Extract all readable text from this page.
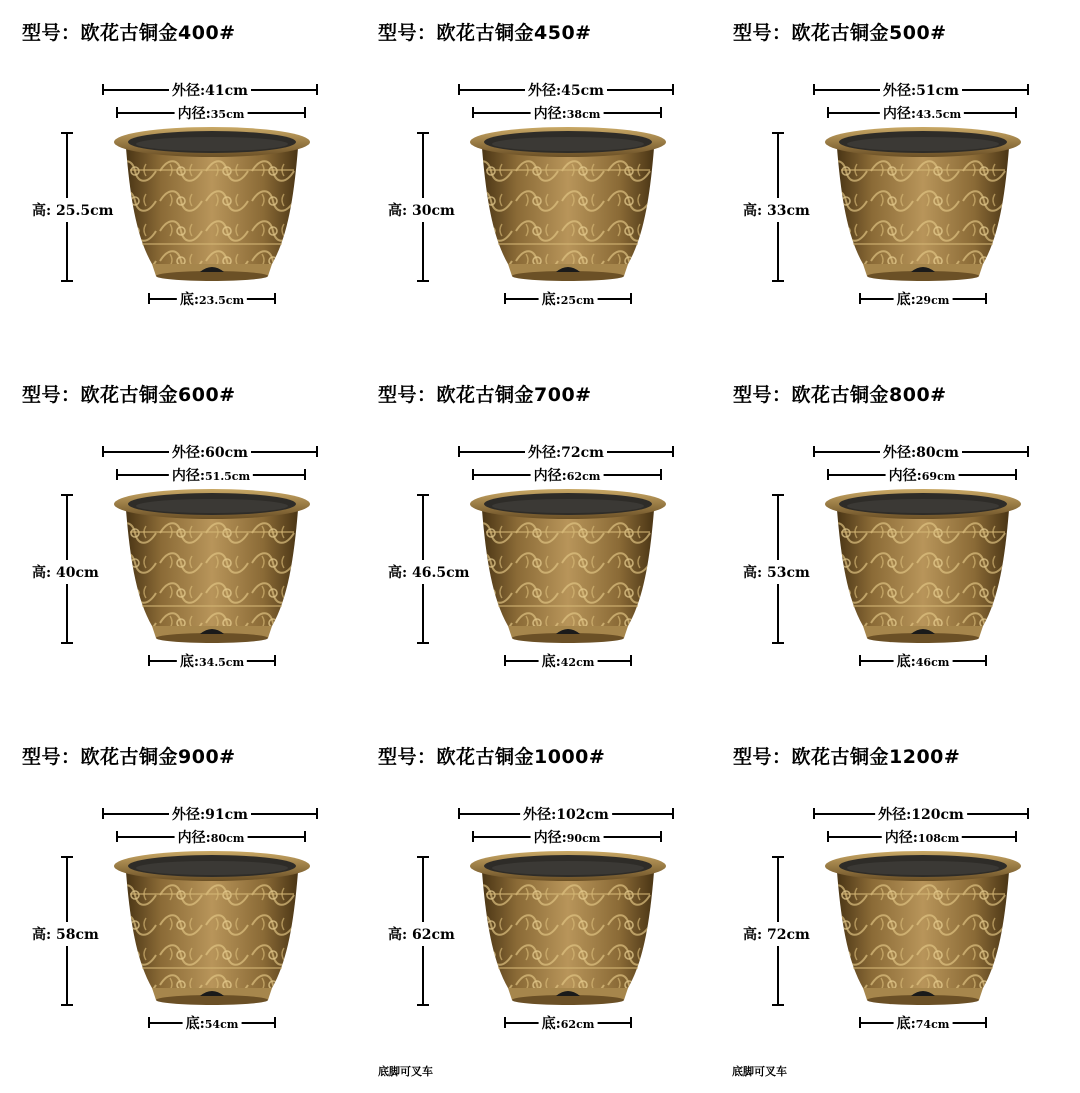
型号：欧花古铜金400#
外径:41cm
内径:35cm
高: 25.5cm
底:23.5cm
型号：欧花古铜金450#
外径:45cm
内径:38cm
高: 30cm
底:25cm
型号：欧花古铜金500#
外径:51cm
内径:43.5cm
高: 33cm
底:29cm
型号：欧花古铜金600#
外径:60cm
内径:51.5cm
高: 40cm
底:34.5cm
型号：欧花古铜金700#
外径:72cm
内径:62cm
高: 46.5cm
底:42cm
型号：欧花古铜金800#
外径:80cm
内径:69cm
高: 53cm
底:46cm
型号：欧花古铜金900#
外径:91cm
内径:80cm
高: 58cm
底:54cm
型号：欧花古铜金1000#
外径:102cm
内径:90cm
高: 62cm
底:62cm
型号：欧花古铜金1200#
外径:120cm
内径:108cm
高: 72cm
底:74cm
底脚可叉车	底脚可叉车
